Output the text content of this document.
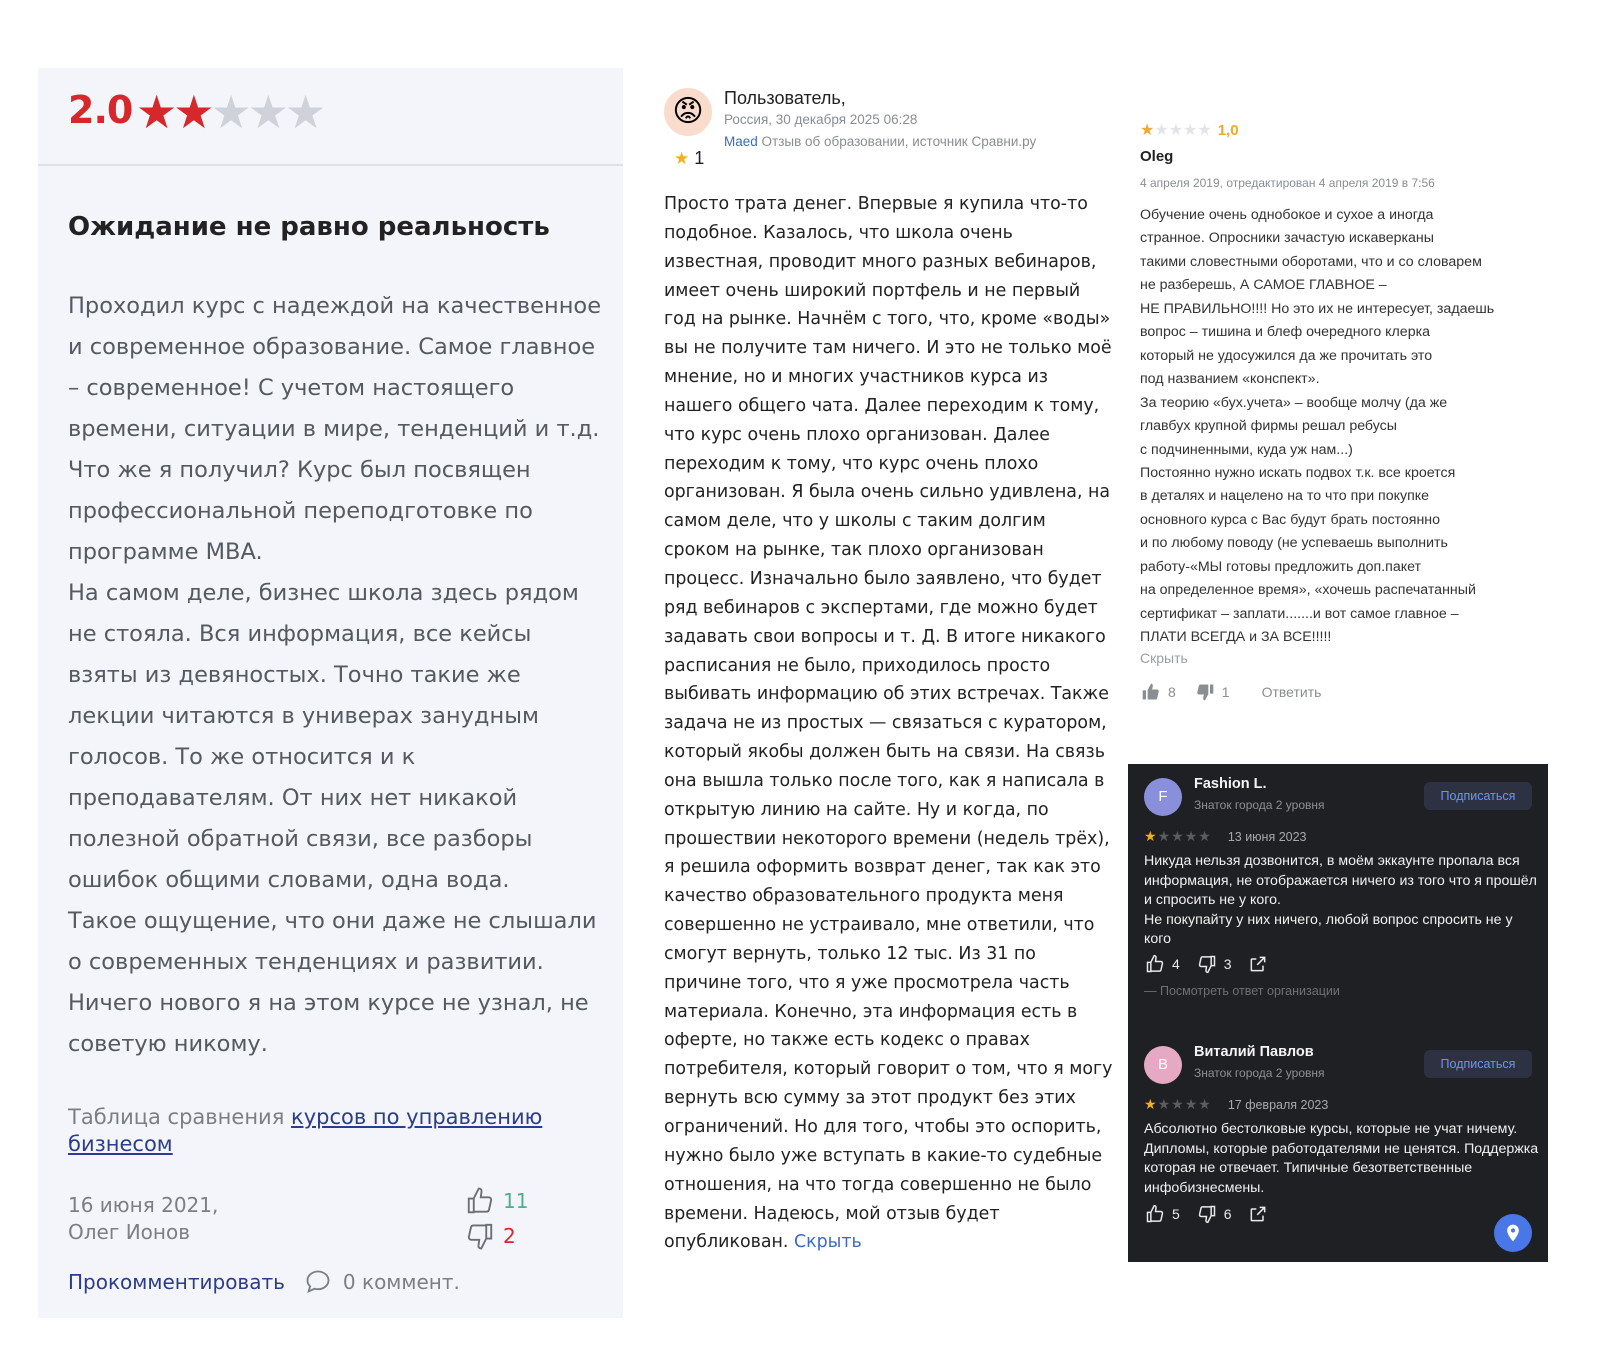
2.0 ★★★★★
Ожидание не равно реальность

Проходил курс с надеждой на качественное и современное образование. Самое главное – современное! С учетом настоящего времени, ситуации в мире, тенденций и т.д. Что же я получил? Курс был посвящен профессиональной переподготовке по программе MBA.

На самом деле, бизнес школа здесь рядом не стояла. Вся информация, все кейсы взяты из девяностых. Точно такие же лекции читаются в универах занудным голосов. То же относится и к преподавателям. От них нет никакой полезной обратной связи, все разборы ошибок общими словами, одна вода.

Такое ощущение, что они даже не слышали о современных тенденциях и развитии. Ничего нового я на этом курсе не узнал, не советую никому.

Таблица сравнения курсов по управлению бизнесом
16 июня 2021,
Олег Ионов
11

2
Прокомментировать	0 коммент.
😡	Пользователь,
Россия, 30 декабря 2025 06:28
Maed Отзыв об образовании, источник Сравни.ру
★ 1
Просто трата денег. Впервые я купила что-то подобное. Казалось, что школа очень известная, проводит много разных вебинаров, имеет очень широкий портфель и не первый год на рынке. Начнём с того, что, кроме «воды» вы не получите там ничего. И это не только моё мнение, но и многих участников курса из нашего общего чата. Далее переходим к тому, что курс очень плохо организован. Далее переходим к тому, что курс очень плохо организован. Я была очень сильно удивлена, на самом деле, что у школы с таким долгим сроком на рынке, так плохо организован процесс. Изначально было заявлено, что будет ряд вебинаров с экспертами, где можно будет задавать свои вопросы и т. Д. В итоге никакого расписания не было, приходилось просто выбивать информацию об этих встречах. Также задача не из простых — связаться с куратором, который якобы должен быть на связи. На связь она вышла только после того, как я написала в открытую линию на сайте. Ну и когда, по прошествии некоторого времени (недель трёх), я решила оформить возврат денег, так как это качество образовательного продукта меня совершенно не устраивало, мне ответили, что смогут вернуть, только 12 тыс. Из 31 по причине того, что я уже просмотрела часть материала. Конечно, эта информация есть в оферте, но также есть кодекс о правах потребителя, который говорит о том, что я могу вернуть всю сумму за этот продукт без этих ограничений. Но для того, чтобы это оспорить, нужно было уже вступать в какие-то судебные отношения, на что тогда совершенно не было времени. Надеюсь, мой отзыв будет опубликован. Скрыть
★★★★★ 1,0
Oleg
4 апреля 2019, отредактирован 4 апреля 2019 в 7:56
Обучение очень однобокое и сухое а иногда
странное. Опросники зачастую искаверканы
такими словестными оборотами, что и со словарем
не разберешь, А САМОЕ ГЛАВНОЕ –
НЕ ПРАВИЛЬНО!!!! Но это их не интересует, задаешь
вопрос – тишина и блеф очередного клерка
который не удосужился да же прочитать это
под названием «конспект».
За теорию «бух.учета» – вообще молчу (да же
главбух крупной фирмы решал ребусы
с подчиненными, куда уж нам...)
Постоянно нужно искать подвох т.к. все кроется
в деталях и нацелено на то что при покупке
основного курса с Вас будут брать постоянно
и по любому поводу (не успеваешь выполнить
работу-«МЫ готовы предложить доп.пакет
на определенное время», «хочешь распечатанный
сертификат – заплати.......и вот самое главное –
ПЛАТИ ВСЕГДА и ЗА ВСЕ!!!!!
Скрыть
8	1 Ответить
F
Fashion L.
Знаток города 2 уровня
Подписаться
★★★★★ 13 июня 2023
Никуда нельзя дозвонится, в моём эккаунте пропала вся информация, не отображается ничего из того что я прошёл и спросить не у кого.
Не покупайту у них ничего, любой вопрос спросить не у кого
4	3
— Посмотреть ответ организации
В
Виталий Павлов
Знаток города 2 уровня
Подписаться
★★★★★ 17 февраля 2023
Абсолютно бестолковые курсы, которые не учат ничему. Дипломы, которые работодателями не ценятся. Поддержка которая не отвечает. Типичные безответственные инфобизнесмены.
5	6
